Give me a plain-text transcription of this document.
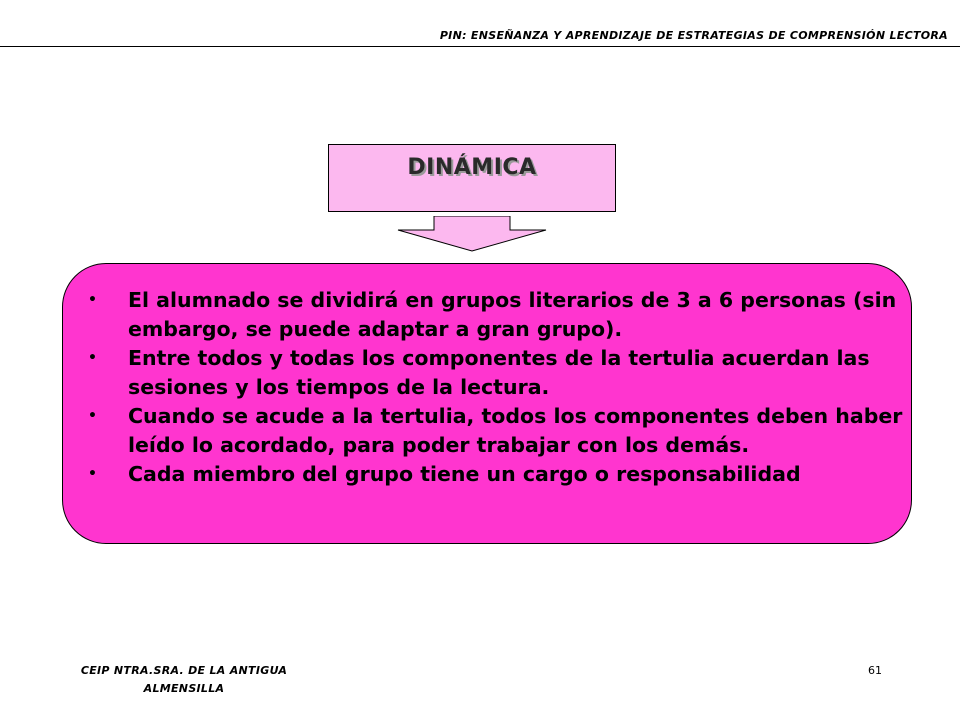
PIN: ENSEÑANZA Y APRENDIZAJE DE ESTRATEGIAS DE COMPRENSIÓN LECTORA
DINÁMICA
• El alumnado se dividirá en grupos literarios de 3 a 6 personas (sin embargo, se puede adaptar a gran grupo).
• Entre todos y todas los componentes de la tertulia acuerdan las sesiones y los tiempos de la lectura.
• Cuando se acude a la tertulia, todos los componentes deben haber leído lo acordado, para poder trabajar con los demás.
• Cada miembro del grupo tiene un cargo o responsabilidad
CEIP NTRA.SRA. DE LA ANTIGUA
ALMENSILLA
61
